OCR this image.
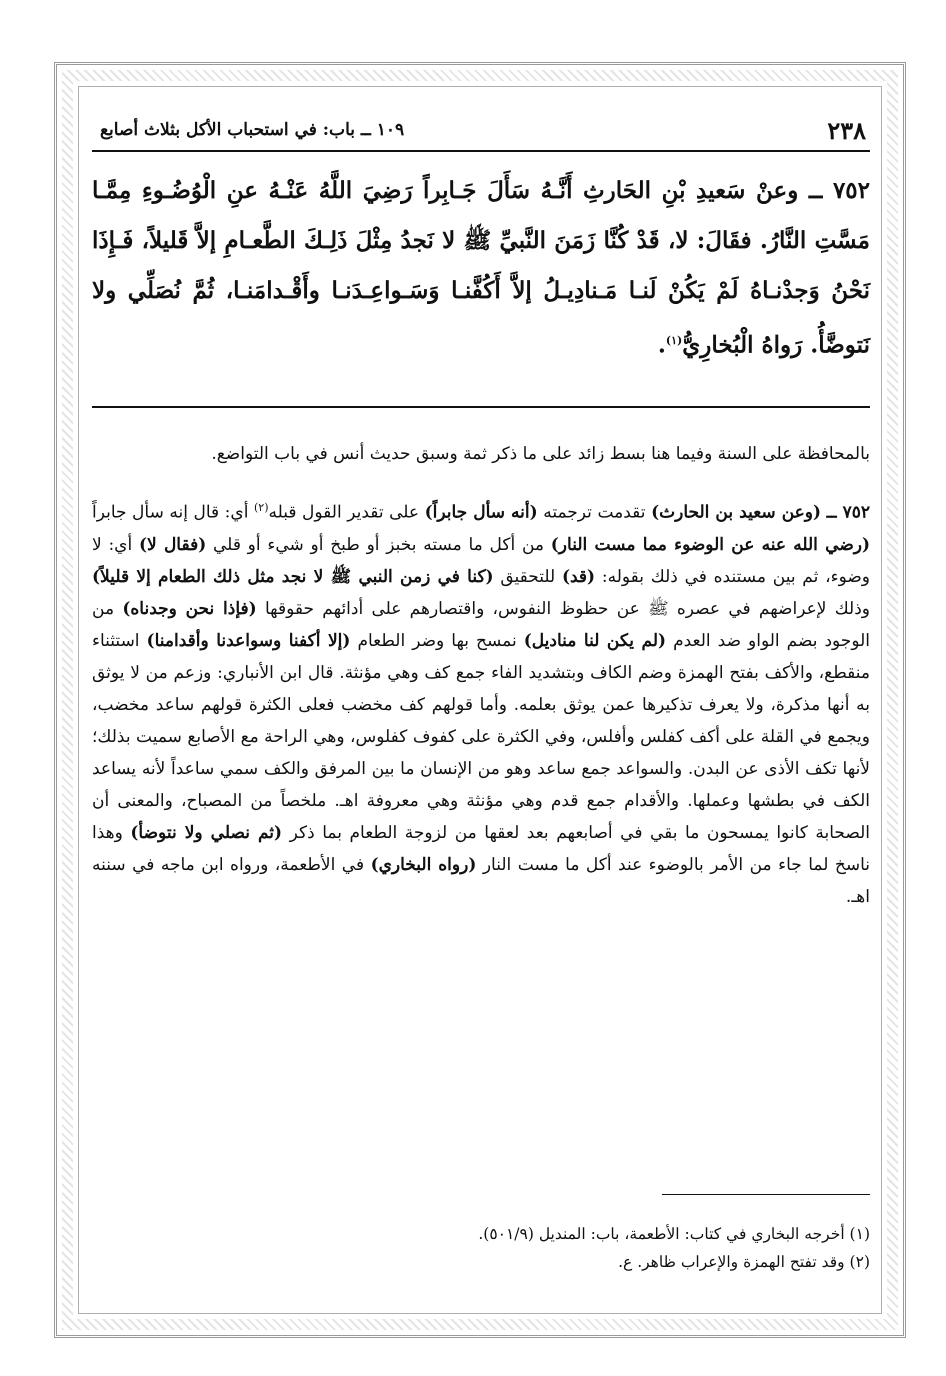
٢٣٨
١٠٩ ــ باب: في استحباب الأكل بثلاث أصابع
٧٥٢ ــ وعنْ سَعيدِ بْنِ الحَارثِ أَنَّـهُ سَأَلَ جَـابِراً رَضِيَ اللَّهُ عَنْـهُ عنِ الْوُضُـوءِ مِمَّـا مَسَّتِ النَّارُ. فقَالَ: لا، قَدْ كُنَّا زَمَنَ النَّبيِّ ﷺ لا نَجدُ مِثْلَ ذَلِـكَ الطَّعـامِ إلاَّ قَليلاً، فَـإِذَا نَحْنُ وَجدْنـاهُ لَمْ يَكُنْ لَنـا مَـنادِيـلُ إلاَّ أَكُفَّنـا وَسَـواعِـدَنـا وأَقْـدامَنـا، ثُمَّ نُصَلِّي ولا نَتوضَّأُ. رَواهُ الْبُخارِيُّ$^{(١)}$.

بالمحافظة على السنة وفيما هنا بسط زائد على ما ذكر ثمة وسبق حديث أنس في باب التواضع.

٧٥٢ ــ (وعن سعيد بن الحارث) تقدمت ترجمته (أنه سأل جابراً) على تقدير القول قبله$^{(٢)}$ أي: قال إنه سأل جابراً (رضي الله عنه عن الوضوء مما مست النار) من أكل ما مسته بخبز أو طبخ أو شيء أو قلي (فقال لا) أي: لا وضوء، ثم بين مستنده في ذلك بقوله: (قد) للتحقيق (كنا في زمن النبي ﷺ لا نجد مثل ذلك الطعام إلا قليلاً) وذلك لإعراضهم في عصره ﷺ عن حظوظ النفوس، واقتصارهم على أدائهم حقوقها (فإذا نحن وجدناه) من الوجود بضم الواو ضد العدم (لم يكن لنا مناديل) نمسح بها وضر الطعام (إلا أكفنا وسواعدنا وأقدامنا) استثناء منقطع، والأكف بفتح الهمزة وضم الكاف وبتشديد الفاء جمع كف وهي مؤنثة. قال ابن الأنباري: وزعم من لا يوثق به أنها مذكرة، ولا يعرف تذكيرها عمن يوثق بعلمه. وأما قولهم كف مخضب فعلى الكثرة قولهم ساعد مخضب، ويجمع في القلة على أكف كفلس وأفلس، وفي الكثرة على كفوف كفلوس، وهي الراحة مع الأصابع سميت بذلك؛ لأنها تكف الأذى عن البدن. والسواعد جمع ساعد وهو من الإنسان ما بين المرفق والكف سمي ساعداً لأنه يساعد الكف في بطشها وعملها. والأقدام جمع قدم وهي مؤنثة وهي معروفة اهـ. ملخصاً من المصباح، والمعنى أن الصحابة كانوا يمسحون ما بقي في أصابعهم بعد لعقها من لزوجة الطعام بما ذكر (ثم نصلي ولا نتوضأ) وهذا ناسخ لما جاء من الأمر بالوضوء عند أكل ما مست النار (رواه البخاري) في الأطعمة، ورواه ابن ماجه في سننه اهـ.

(١) أخرجه البخاري في كتاب: الأطعمة، باب: المنديل (٥٠١/٩).

(٢) وقد تفتح الهمزة والإعراب ظاهر. ع.
